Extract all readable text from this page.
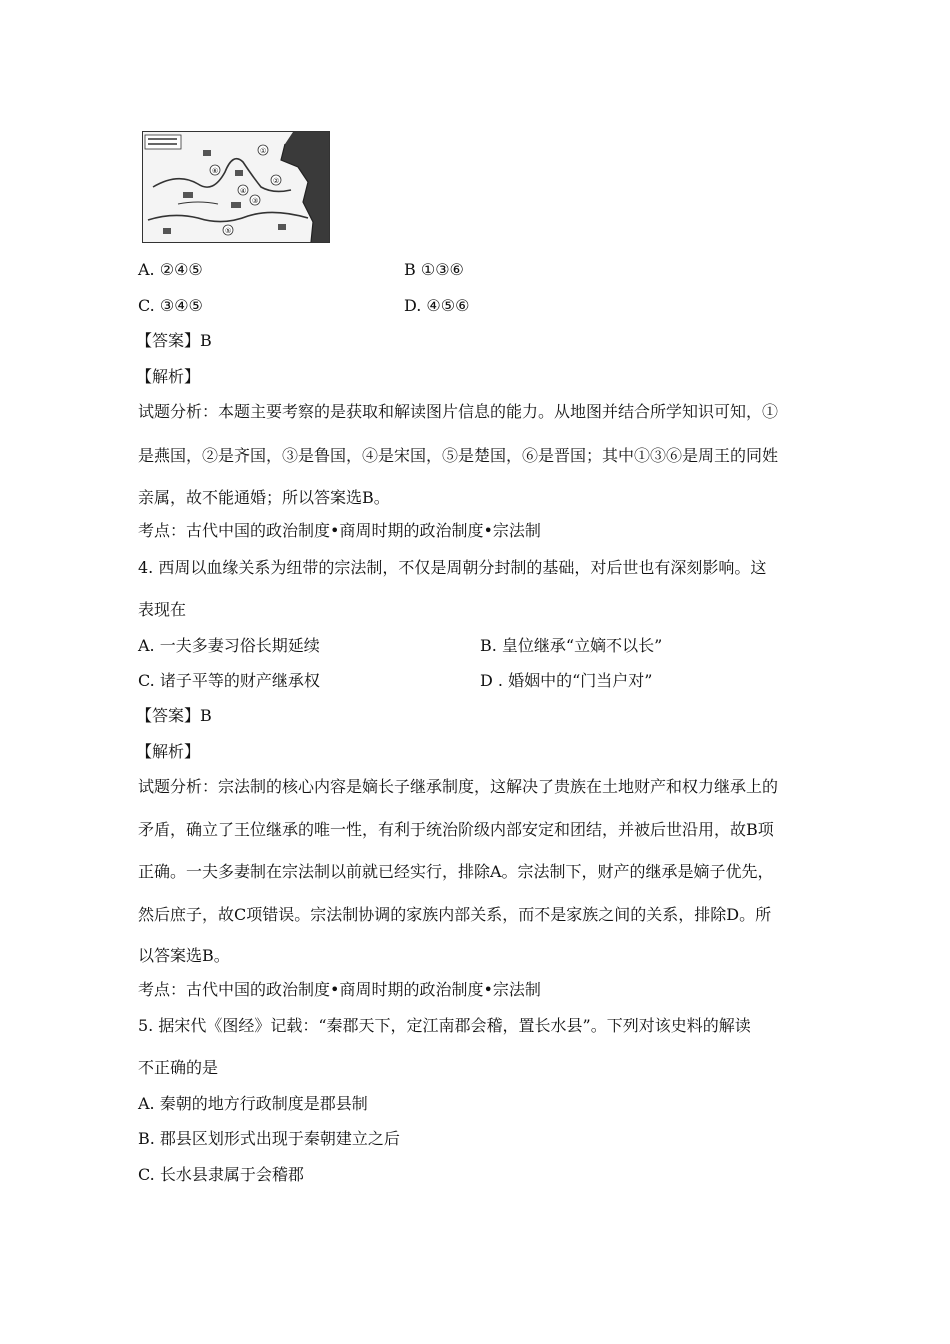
①
②
③
④
⑤
⑥
A. ②④⑤	B ①③⑥
C. ③④⑤	D. ④⑤⑥
【答案】B
【解析】
试题分析：本题主要考察的是获取和解读图片信息的能力。从地图并结合所学知识可知，①
是燕国，②是齐国，③是鲁国，④是宋国，⑤是楚国，⑥是晋国；其中①③⑥是周王的同姓
亲属，故不能通婚；所以答案选B。
考点：古代中国的政治制度•商周时期的政治制度•宗法制
4. 西周以血缘关系为纽带的宗法制，不仅是周朝分封制的基础，对后世也有深刻影响。这
表现在
A. 一夫多妻习俗长期延续	B. 皇位继承“立嫡不以长”
C. 诸子平等的财产继承权	D . 婚姻中的“门当户对”
【答案】B
【解析】
试题分析：宗法制的核心内容是嫡长子继承制度，这解决了贵族在土地财产和权力继承上的
矛盾，确立了王位继承的唯一性，有利于统治阶级内部安定和团结，并被后世沿用，故B项
正确。一夫多妻制在宗法制以前就已经实行，排除A。宗法制下，财产的继承是嫡子优先，
然后庶子，故C项错误。宗法制协调的家族内部关系，而不是家族之间的关系，排除D。所
以答案选B。
考点：古代中国的政治制度•商周时期的政治制度•宗法制
5. 据宋代《图经》记载：“秦郡天下，定江南郡会稽，置长水县”。下列对该史料的解读
不正确的是
A. 秦朝的地方行政制度是郡县制
B. 郡县区划形式出现于秦朝建立之后
C. 长水县隶属于会稽郡
